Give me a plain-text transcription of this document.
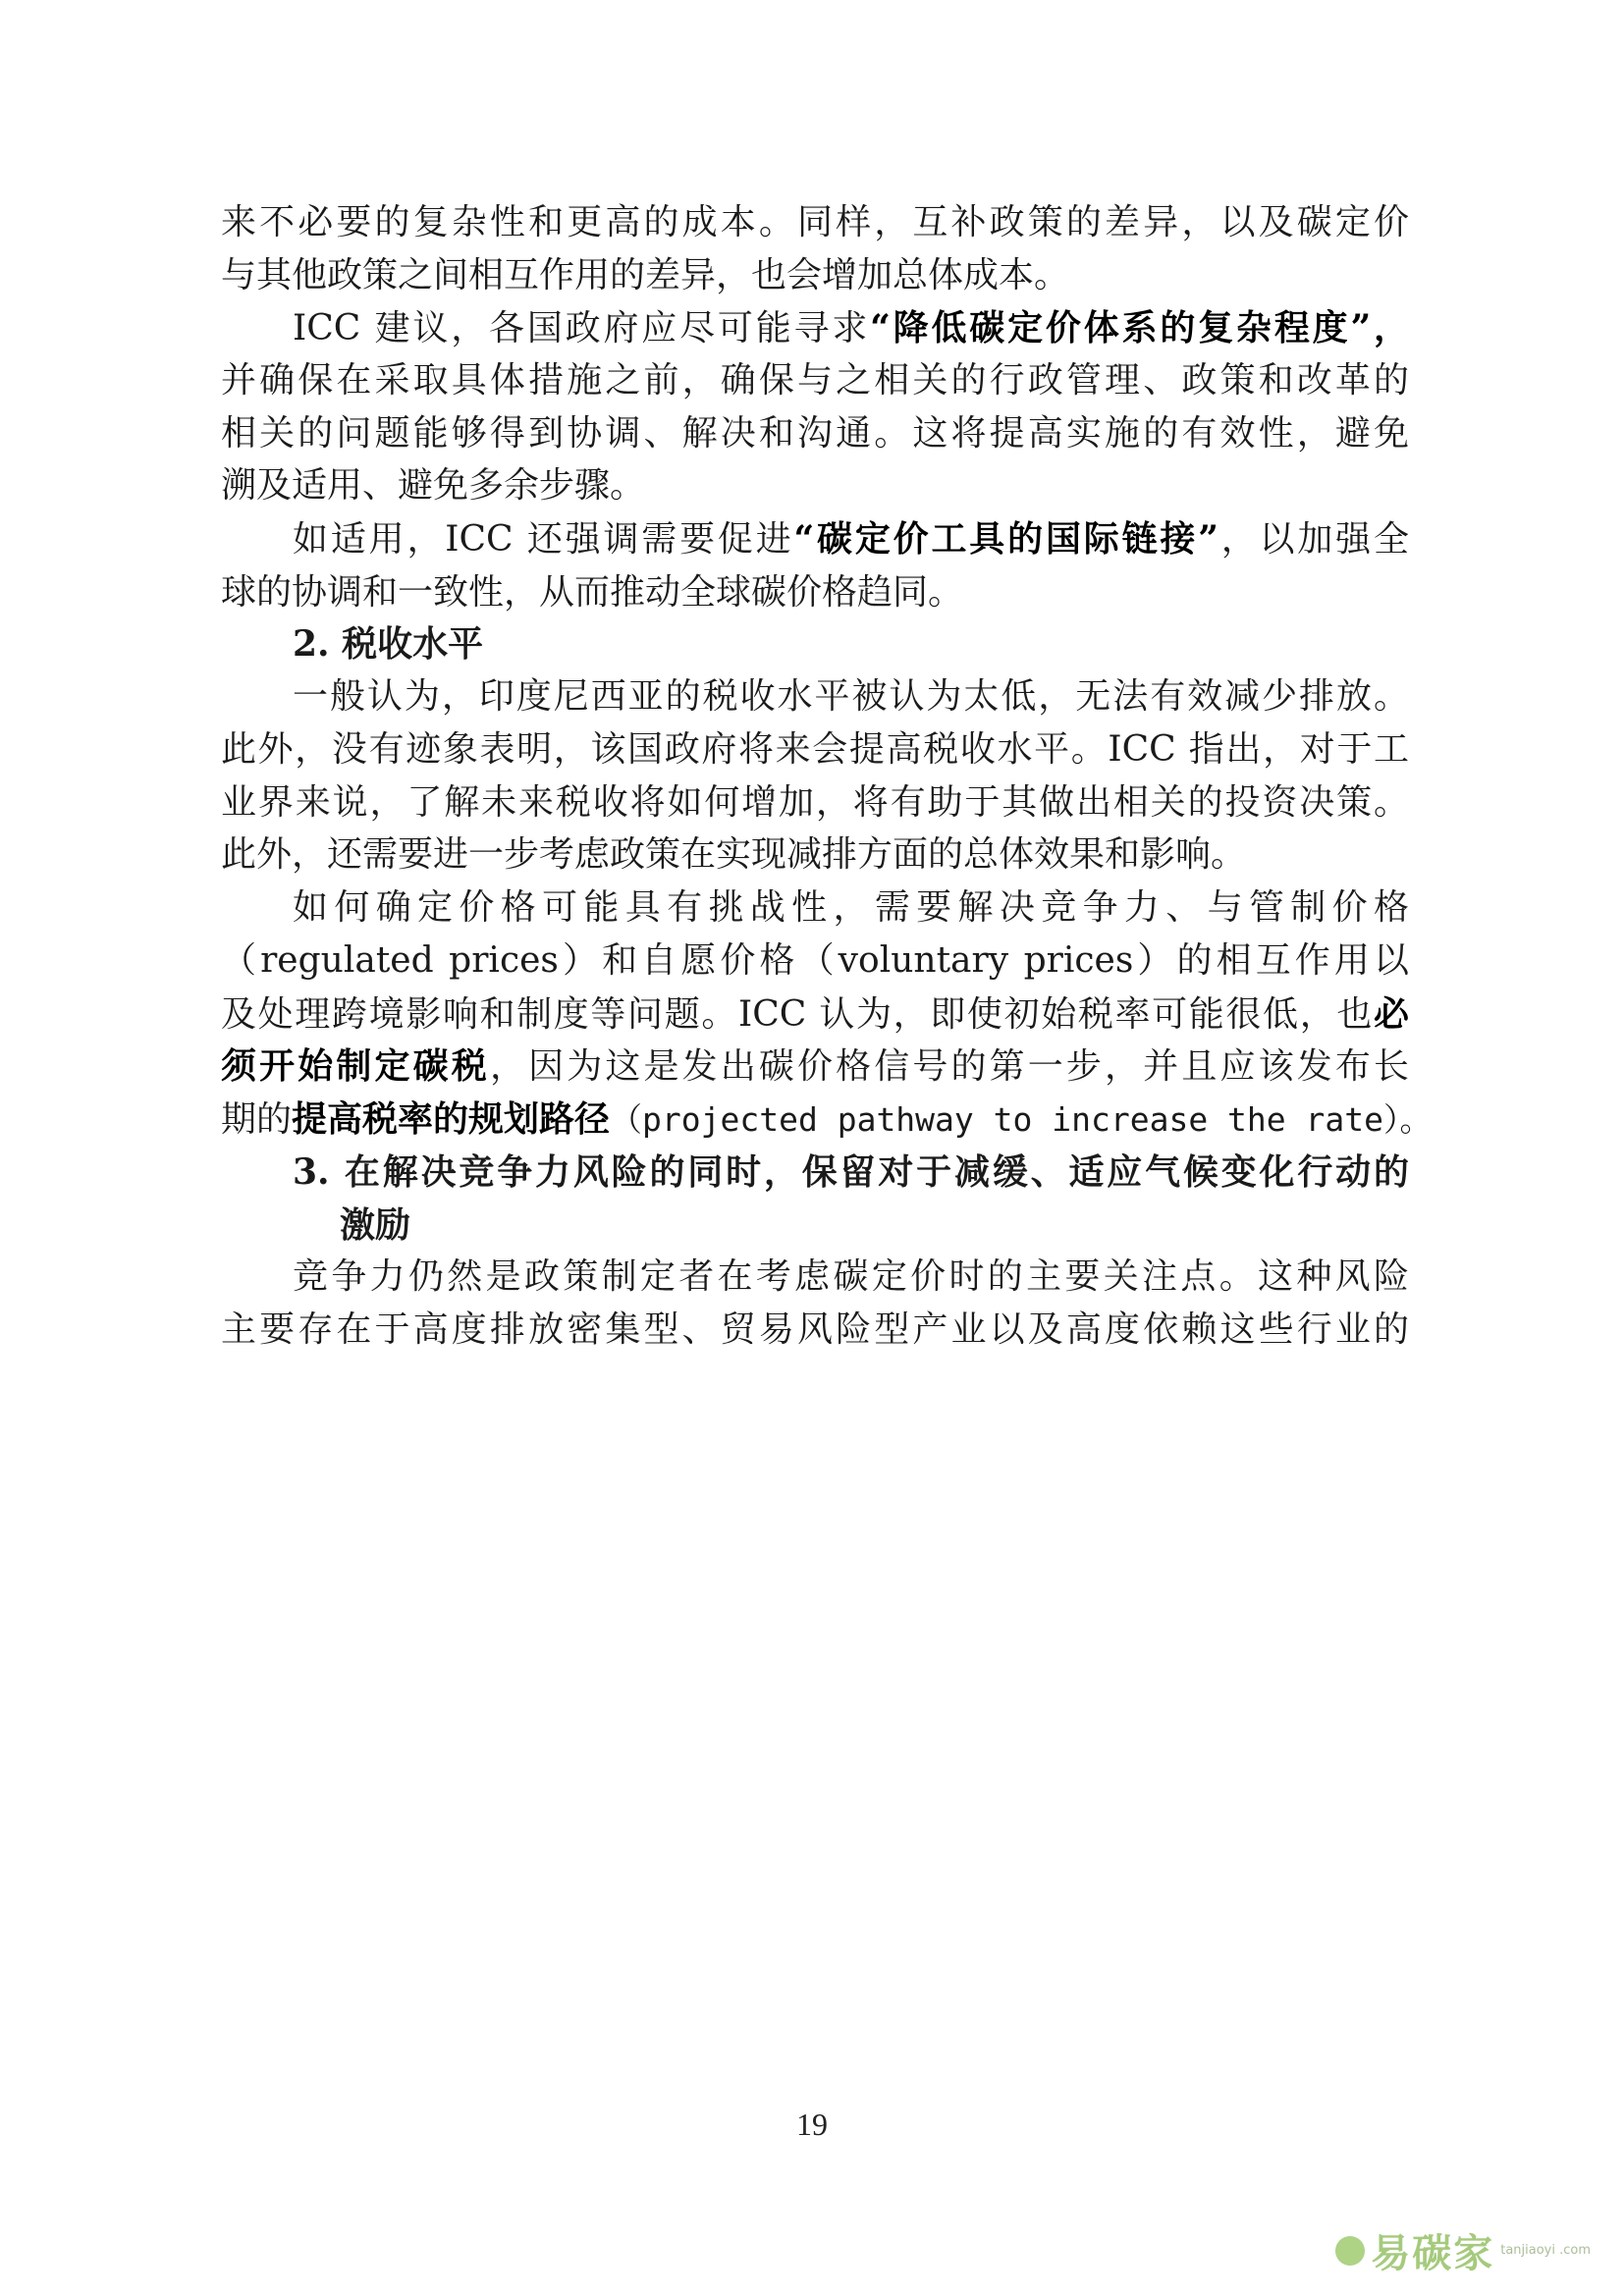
来不必要的复杂性和更高的成本。同样，互补政策的差异，以及碳定价
与其他政策之间相互作用的差异，也会增加总体成本。
ICC 建议，各国政府应尽可能寻求“降低碳定价体系的复杂程度”，
并确保在采取具体措施之前，确保与之相关的行政管理、政策和改革的
相关的问题能够得到协调、解决和沟通。这将提高实施的有效性，避免
溯及适用、避免多余步骤。
如适用，ICC 还强调需要促进“碳定价工具的国际链接”，以加强全
球的协调和一致性，从而推动全球碳价格趋同。
2. 税收水平
一般认为，印度尼西亚的税收水平被认为太低，无法有效减少排放。
此外，没有迹象表明，该国政府将来会提高税收水平。ICC 指出，对于工
业界来说，了解未来税收将如何增加，将有助于其做出相关的投资决策。
此外，还需要进一步考虑政策在实现减排方面的总体效果和影响。
如何确定价格可能具有挑战性，需要解决竞争力、与管制价格
（regulated prices）和自愿价格（voluntary prices）的相互作用以
及处理跨境影响和制度等问题。ICC 认为，即使初始税率可能很低，也必
须开始制定碳税，因为这是发出碳价格信号的第一步，并且应该发布长
期的提高税率的规划路径（projected pathway to increase the rate）。
3. 在解决竞争力风险的同时，保留对于减缓、适应气候变化行动的
激励
竞争力仍然是政策制定者在考虑碳定价时的主要关注点。这种风险
主要存在于高度排放密集型、贸易风险型产业以及高度依赖这些行业的
19
易碳家 tanjiaoyi .com
